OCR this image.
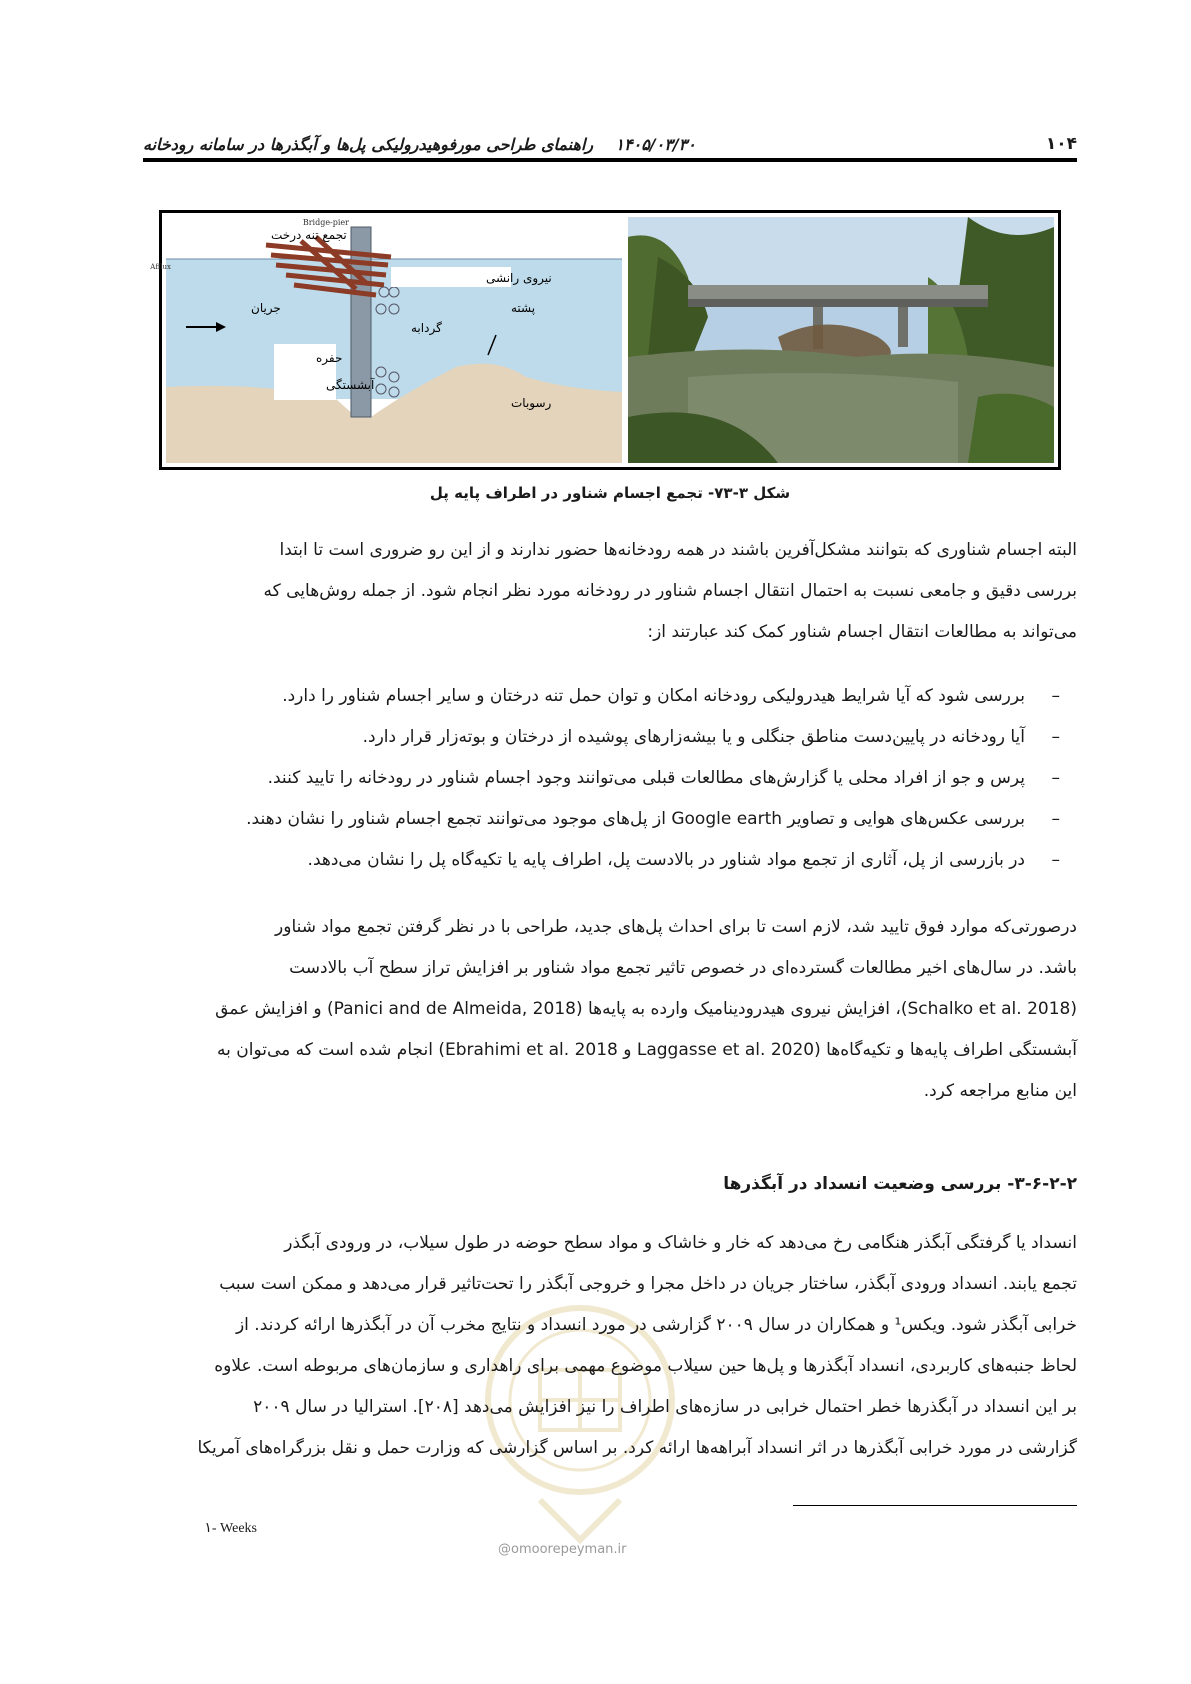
۱۰۴
۱۴۰۵/۰۳/۳۰    راهنمای طراحی مورفوهیدرولیکی پل‌ها و آبگذرها در سامانه رودخانه
Bridge-pier
Afflux
تجمع تنه درخت
نیروی رانشی
جریان
گردابه
پشته
حفره
آبشستگی
رسوبات
شکل ۳-۷۳- تجمع اجسام شناور در اطراف پایه پل
البته اجسام شناوری که بتوانند مشکل‌آفرین باشند در همه رودخانه‌ها حضور ندارند و از این رو ضروری است تا ابتدا
بررسی دقیق و جامعی نسبت به احتمال انتقال اجسام شناور در رودخانه مورد نظر انجام شود. از جمله روش‌هایی که
می‌تواند به مطالعات انتقال اجسام شناور کمک کند عبارتند از:
–
بررسی شود که آیا شرایط هیدرولیکی رودخانه امکان و توان حمل تنه درختان و سایر اجسام شناور را دارد.
–
آیا رودخانه در پایین‌دست مناطق جنگلی و یا بیشه‌زارهای پوشیده از درختان و بوته‌زار قرار دارد.
–
پرس و جو از افراد محلی یا گزارش‌های مطالعات قبلی می‌توانند وجود اجسام شناور در رودخانه را تایید کنند.
–
بررسی عکس‌های هوایی و تصاویر Google earth از پل‌های موجود می‌توانند تجمع اجسام شناور را نشان دهند.
–
در بازرسی از پل، آثاری از تجمع مواد شناور در بالادست پل، اطراف پایه یا تکیه‌گاه پل را نشان می‌دهد.
درصورتی‌که موارد فوق تایید شد، لازم است تا برای احداث پل‌های جدید، طراحی با در نظر گرفتن تجمع مواد شناور
باشد. در سال‌های اخیر مطالعات گسترده‌ای در خصوص تاثیر تجمع مواد شناور بر افزایش تراز سطح آب بالادست
(Schalko et al. 2018)، افزایش نیروی هیدرودینامیک وارده به پایه‌ها (Panici and de Almeida, 2018) و افزایش عمق
آبشستگی اطراف پایه‌ها و تکیه‌گاه‌ها (Laggasse et al. 2020 و Ebrahimi et al. 2018) انجام شده است که می‌توان به
این منابع مراجعه کرد.
۳-۶-۲-۲- بررسی وضعیت انسداد در آبگذرها
@omoorepeyman.ir
انسداد یا گرفتگی آبگذر هنگامی رخ می‌دهد که خار و خاشاک و مواد سطح حوضه در طول سیلاب، در ورودی آبگذر
تجمع یابند. انسداد ورودی آبگذر، ساختار جریان در داخل مجرا و خروجی آبگذر را تحت‌تاثیر قرار می‌دهد و ممکن است سبب
خرابی آبگذر شود. ویکس¹ و همکاران در سال ۲۰۰۹ گزارشی در مورد انسداد و نتایج مخرب آن در آبگذرها ارائه کردند. از
لحاظ جنبه‌های کاربردی، انسداد آبگذرها و پل‌ها حین سیلاب موضوع مهمی برای راهداری و سازمان‌های مربوطه است. علاوه
بر این انسداد در آبگذرها خطر احتمال خرابی در سازه‌های اطراف را نیز افزایش می‌دهد [۲۰۸]. استرالیا در سال ۲۰۰۹
گزارشی در مورد خرابی آبگذرها در اثر انسداد آبراهه‌ها ارائه کرد. بر اساس گزارشی که وزارت حمل و نقل بزرگراه‌های آمریکا
۱- Weeks
